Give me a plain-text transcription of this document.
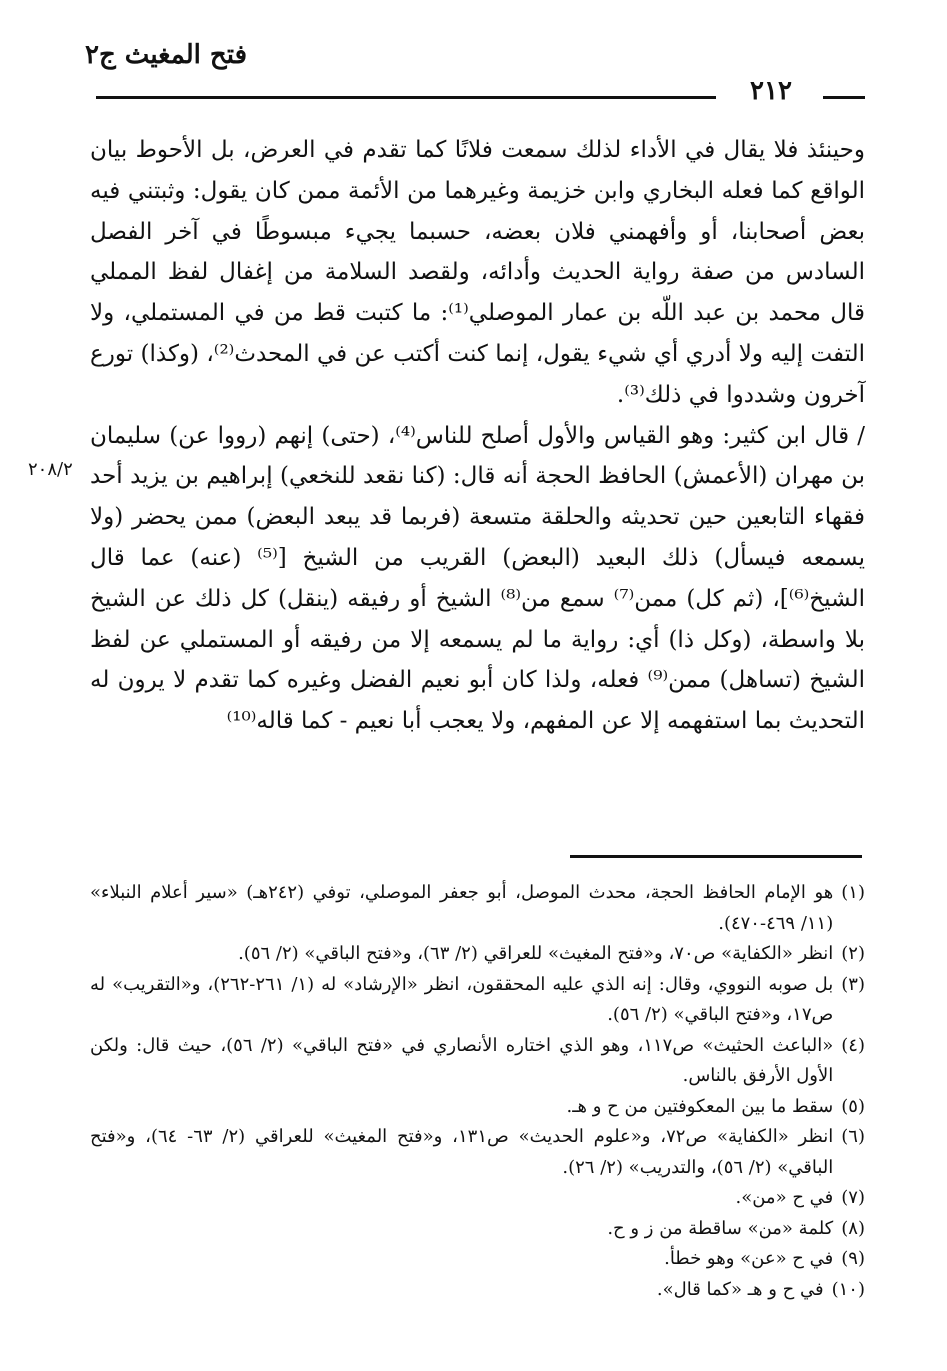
فتح المغيث ج٢
٢١٢
٢٠٨/٢

وحينئذ فلا يقال في الأداء لذلك سمعت فلانًا كما تقدم في العرض، بل الأحوط بيان الواقع كما فعله البخاري وابن خزيمة وغيرهما من الأئمة ممن كان يقول: وثبتني فيه بعض أصحابنا، أو وأفهمني فلان بعضه، حسبما يجيء مبسوطًا في آخر الفصل السادس من صفة رواية الحديث وأدائه، ولقصد السلامة من إغفال لفظ المملي قال محمد بن عبد اللّه بن عمار الموصلي⁽¹⁾: ما كتبت قط من في المستملي، ولا التفت إليه ولا أدري أي شيء يقول، إنما كنت أكتب عن في المحدث⁽²⁾، (وكذا) تورع آخرون وشددوا في ذلك⁽³⁾.

/ قال ابن كثير: وهو القياس والأول أصلح للناس⁽⁴⁾، (حتى) إنهم (رووا عن) سليمان بن مهران (الأعمش) الحافظ الحجة أنه قال: (كنا نقعد للنخعي) إبراهيم بن يزيد أحد فقهاء التابعين حين تحديثه والحلقة متسعة (فربما قد يبعد البعض) ممن يحضر (ولا يسمعه فيسأل) ذلك البعيد (البعض) القريب من الشيخ [⁽⁵⁾ (عنه) عما قال الشيخ⁽⁶⁾]، (ثم كل) ممن⁽⁷⁾ سمع من⁽⁸⁾ الشيخ أو رفيقه (ينقل) كل ذلك عن الشيخ بلا واسطة، (وكل ذا) أي: رواية ما لم يسمعه إلا من رفيقه أو المستملي عن لفظ الشيخ (تساهل) ممن⁽⁹⁾ فعله، ولذا كان أبو نعيم الفضل وغيره كما تقدم لا يرون له التحديث بما استفهمه إلا عن المفهم، ولا يعجب أبا نعيم - كما قاله⁽¹⁰⁾

(١)
هو الإمام الحافظ الحجة، محدث الموصل، أبو جعفر الموصلي، توفي (٢٤٢هـ) «سير أعلام النبلاء» (١١/ ٤٦٩-٤٧٠).
(٢)
انظر «الكفاية» ص٧٠، و«فتح المغيث» للعراقي (٢/ ٦٣)، و«فتح الباقي» (٢/ ٥٦).
(٣)
بل صوبه النووي، وقال: إنه الذي عليه المحققون، انظر «الإرشاد» له (١/ ٢٦١-٢٦٢)، و«التقريب» له ص١٧، و«فتح الباقي» (٢/ ٥٦).
(٤)
«الباعث الحثيث» ص١١٧، وهو الذي اختاره الأنصاري في «فتح الباقي» (٢/ ٥٦)، حيث قال: ولكن الأول الأرفق بالناس.
(٥)
سقط ما بين المعكوفتين من ح و هـ.
(٦)
انظر «الكفاية» ص٧٢، و«علوم الحديث» ص١٣١، و«فتح المغيث» للعراقي (٢/ ٦٣- ٦٤)، و«فتح الباقي» (٢/ ٥٦)، والتدريب» (٢/ ٢٦).
(٧)
في ح «من».
(٨)
كلمة «من» ساقطة من ز و ح.
(٩)
في ح «عن» وهو خطأ.
(١٠)
في ح و هـ «كما قال».
